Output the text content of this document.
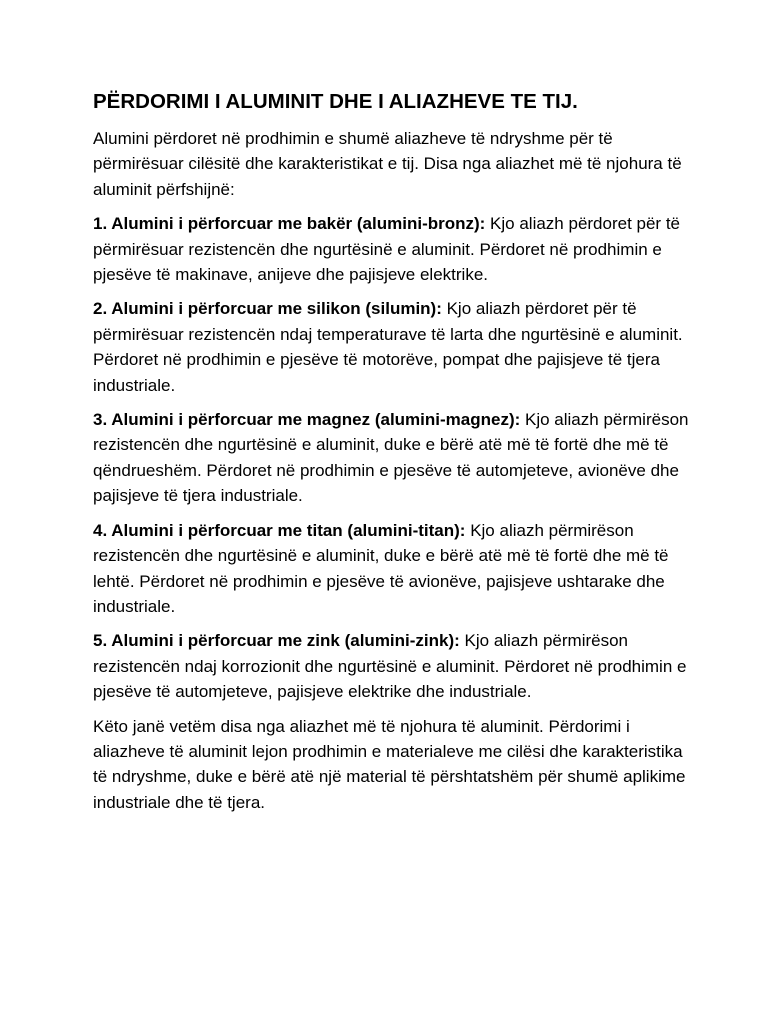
PËRDORIMI I ALUMINIT DHE I ALIAZHEVE TE TIJ.

Alumini përdoret në prodhimin e shumë aliazheve të ndryshme për të përmirësuar cilësitë dhe karakteristikat e tij. Disa nga aliazhet më të njohura të aluminit përfshijnë:

1. Alumini i përforcuar me bakër (alumini-bronz): Kjo aliazh përdoret për të përmirësuar rezistencën dhe ngurtësinë e aluminit. Përdoret në prodhimin e pjesëve të makinave, anijeve dhe pajisjeve elektrike.

2. Alumini i përforcuar me silikon (silumin): Kjo aliazh përdoret për të përmirësuar rezistencën ndaj temperaturave të larta dhe ngurtësinë e aluminit. Përdoret në prodhimin e pjesëve të motorëve, pompat dhe pajisjeve të tjera industriale.

3. Alumini i përforcuar me magnez (alumini-magnez): Kjo aliazh përmirëson rezistencën dhe ngurtësinë e aluminit, duke e bërë atë më të fortë dhe më të qëndrueshëm. Përdoret në prodhimin e pjesëve të automjeteve, avionëve dhe pajisjeve të tjera industriale.

4. Alumini i përforcuar me titan (alumini-titan): Kjo aliazh përmirëson rezistencën dhe ngurtësinë e aluminit, duke e bërë atë më të fortë dhe më të lehtë. Përdoret në prodhimin e pjesëve të avionëve, pajisjeve ushtarake dhe industriale.

5. Alumini i përforcuar me zink (alumini-zink): Kjo aliazh përmirëson rezistencën ndaj korrozionit dhe ngurtësinë e aluminit. Përdoret në prodhimin e pjesëve të automjeteve, pajisjeve elektrike dhe industriale.

Këto janë vetëm disa nga aliazhet më të njohura të aluminit. Përdorimi i aliazheve të aluminit lejon prodhimin e materialeve me cilësi dhe karakteristika të ndryshme, duke e bërë atë një material të përshtatshëm për shumë aplikime industriale dhe të tjera.
